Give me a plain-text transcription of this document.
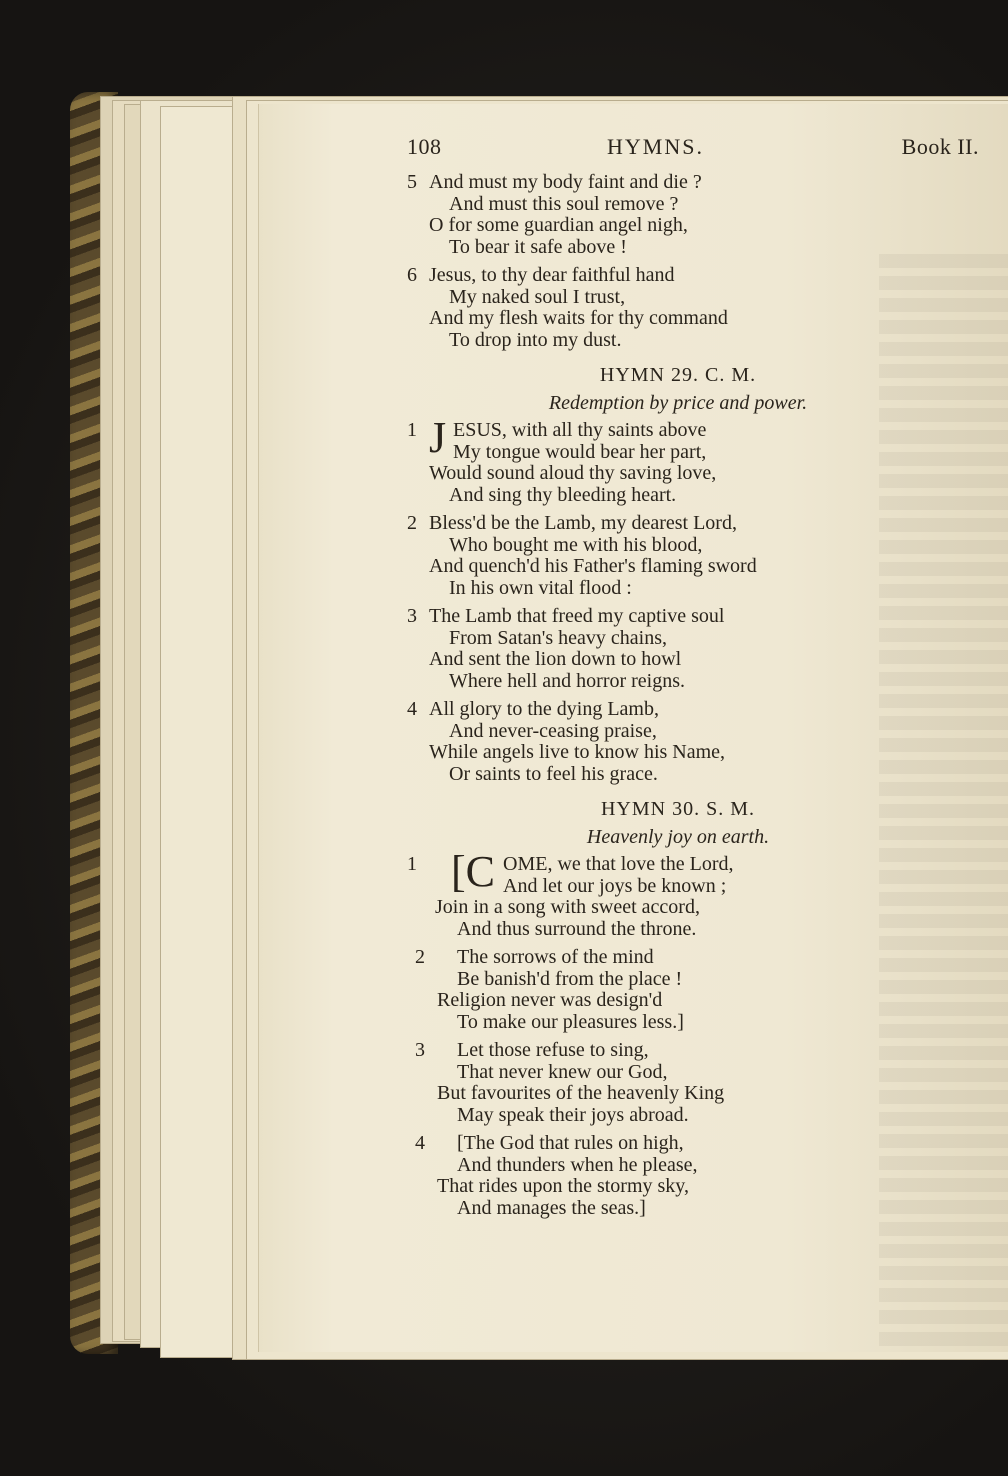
108	HYMNS.	Book II.
5 And must my body faint and die ?
And must this soul remove ?
O for some guardian angel nigh,
To bear it safe above !
6 Jesus, to thy dear faithful hand
My naked soul I trust,
And my flesh waits for thy command
To drop into my dust.
HYMN 29. C. M.
Redemption by price and power.
1 J ESUS, with all thy saints above
My tongue would bear her part,
Would sound aloud thy saving love,
And sing thy bleeding heart.
2 Bless'd be the Lamb, my dearest Lord,
Who bought me with his blood,
And quench'd his Father's flaming sword
In his own vital flood :
3 The Lamb that freed my captive soul
From Satan's heavy chains,
And sent the lion down to howl
Where hell and horror reigns.
4 All glory to the dying Lamb,
And never-ceasing praise,
While angels live to know his Name,
Or saints to feel his grace.
HYMN 30. S. M.
Heavenly joy on earth.
1 [C OME, we that love the Lord,
And let our joys be known ;
Join in a song with sweet accord,
And thus surround the throne.
2	The sorrows of the mind
Be banish'd from the place !
Religion never was design'd
To make our pleasures less.]
3	Let those refuse to sing,
That never knew our God,
But favourites of the heavenly King
May speak their joys abroad.
4	[The God that rules on high,
And thunders when he please,
That rides upon the stormy sky,
And manages the seas.]
